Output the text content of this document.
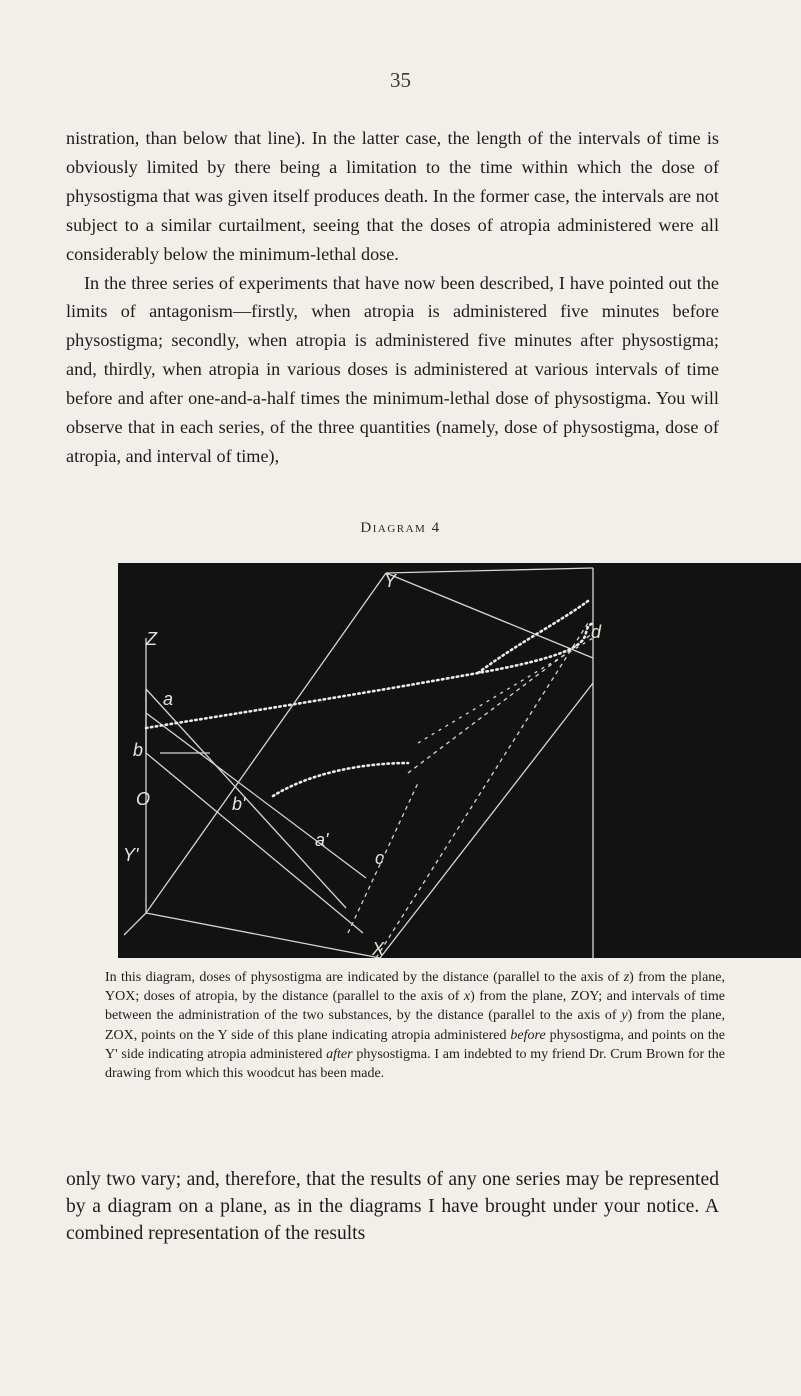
35

nistration, than below that line). In the latter case, the length of the intervals of time is obviously limited by there being a limitation to the time within which the dose of physostigma that was given itself produces death. In the former case, the intervals are not subject to a similar curtailment, seeing that the doses of atropia administered were all considerably below the minimum-lethal dose.

In the three series of experiments that have now been described, I have pointed out the limits of antagonism—firstly, when atropia is administered five minutes before physostigma; secondly, when atropia is administered five minutes after physostigma; and, thirdly, when atropia in various doses is administered at various intervals of time before and after one-and-a-half times the minimum-lethal dose of physostigma. You will observe that in each series, of the three quantities (namely, dose of physostigma, dose of atropia, and interval of time),

Diagram 4
Y
Z	d
a
b
b'
a'
c
O
Y'
X

In this diagram, doses of physostigma are indicated by the distance (parallel to the axis of z) from the plane, YOX; doses of atropia, by the distance (parallel to the axis of x) from the plane, ZOY; and intervals of time between the administration of the two substances, by the distance (parallel to the axis of y) from the plane, ZOX, points on the Y side of this plane indicating atropia administered before physostigma, and points on the Y' side indicating atropia administered after physostigma. I am indebted to my friend Dr. Crum Brown for the drawing from which this woodcut has been made.

only two vary; and, therefore, that the results of any one series may be represented by a diagram on a plane, as in the diagrams I have brought under your notice. A combined representation of the results
